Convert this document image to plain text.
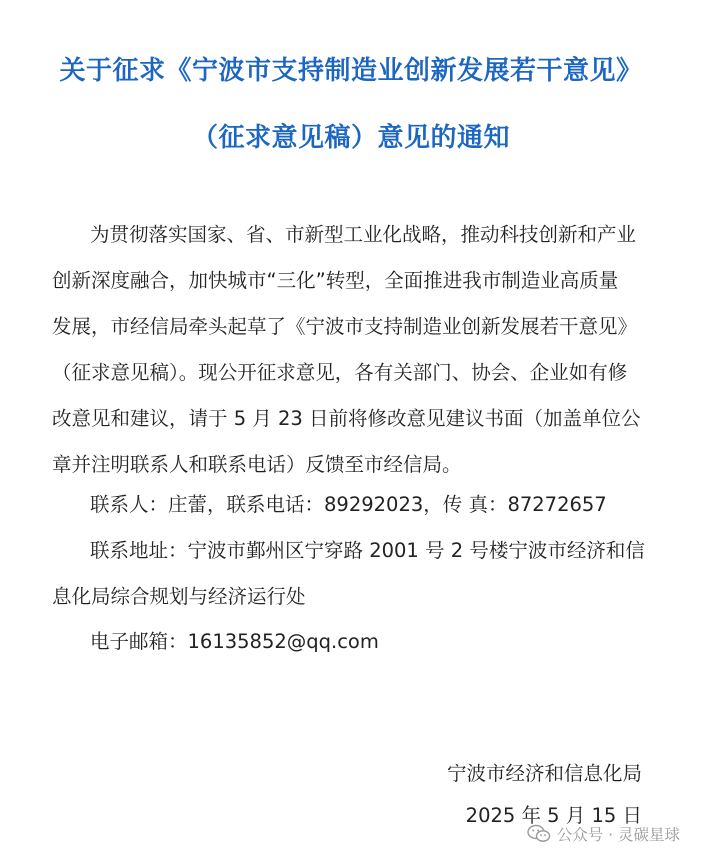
关于征求《宁波市支持制造业创新发展若干意见》
（征求意见稿）意见的通知
为贯彻落实国家、省、市新型工业化战略，推动科技创新和产业
创新深度融合，加快城市“三化”转型，全面推进我市制造业高质量
发展，市经信局牵头起草了《宁波市支持制造业创新发展若干意见》
（征求意见稿）。现公开征求意见，各有关部门、协会、企业如有修
改意见和建议，请于 5 月 23 日前将修改意见建议书面（加盖单位公
章并注明联系人和联系电话）反馈至市经信局。
联系人：庄蕾，联系电话：89292023，传 真：87272657
联系地址：宁波市鄞州区宁穿路 2001 号 2 号楼宁波市经济和信
息化局综合规划与经济运行处
电子邮箱：16135852@qq.com
宁波市经济和信息化局
2025 年 5 月 15 日
公众号 · 灵碳星球
